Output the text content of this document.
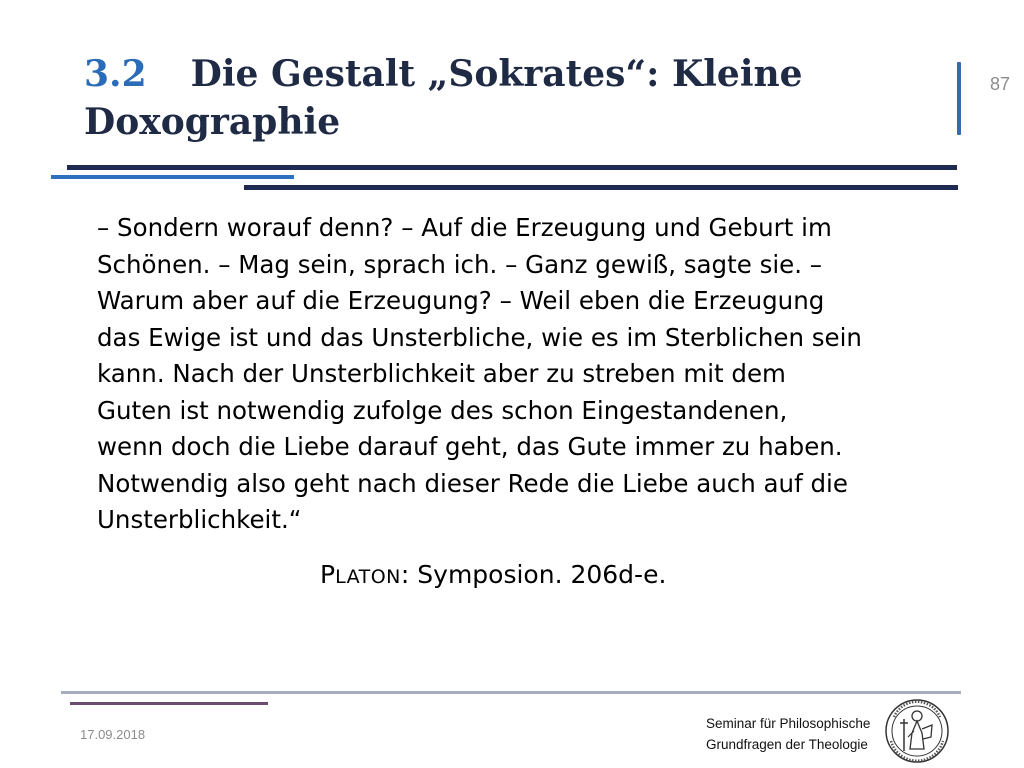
3.2 Die Gestalt „Sokrates“: Kleine Doxographie
87

– Sondern worauf denn? – Auf die Erzeugung und Geburt im
Schönen. – Mag sein, sprach ich. – Ganz gewiß, sagte sie. –
Warum aber auf die Erzeugung? – Weil eben die Erzeugung
das Ewige ist und das Unsterbliche, wie es im Sterblichen sein
kann. Nach der Unsterblichkeit aber zu streben mit dem
Guten ist notwendig zufolge des schon Eingestandenen,
wenn doch die Liebe darauf geht, das Gute immer zu haben.
Notwendig also geht nach dieser Rede die Liebe auch auf die
Unsterblichkeit.“

PLATON: Symposion. 206d-e.
17.09.2018
Seminar für Philosophische
Grundfragen der Theologie
